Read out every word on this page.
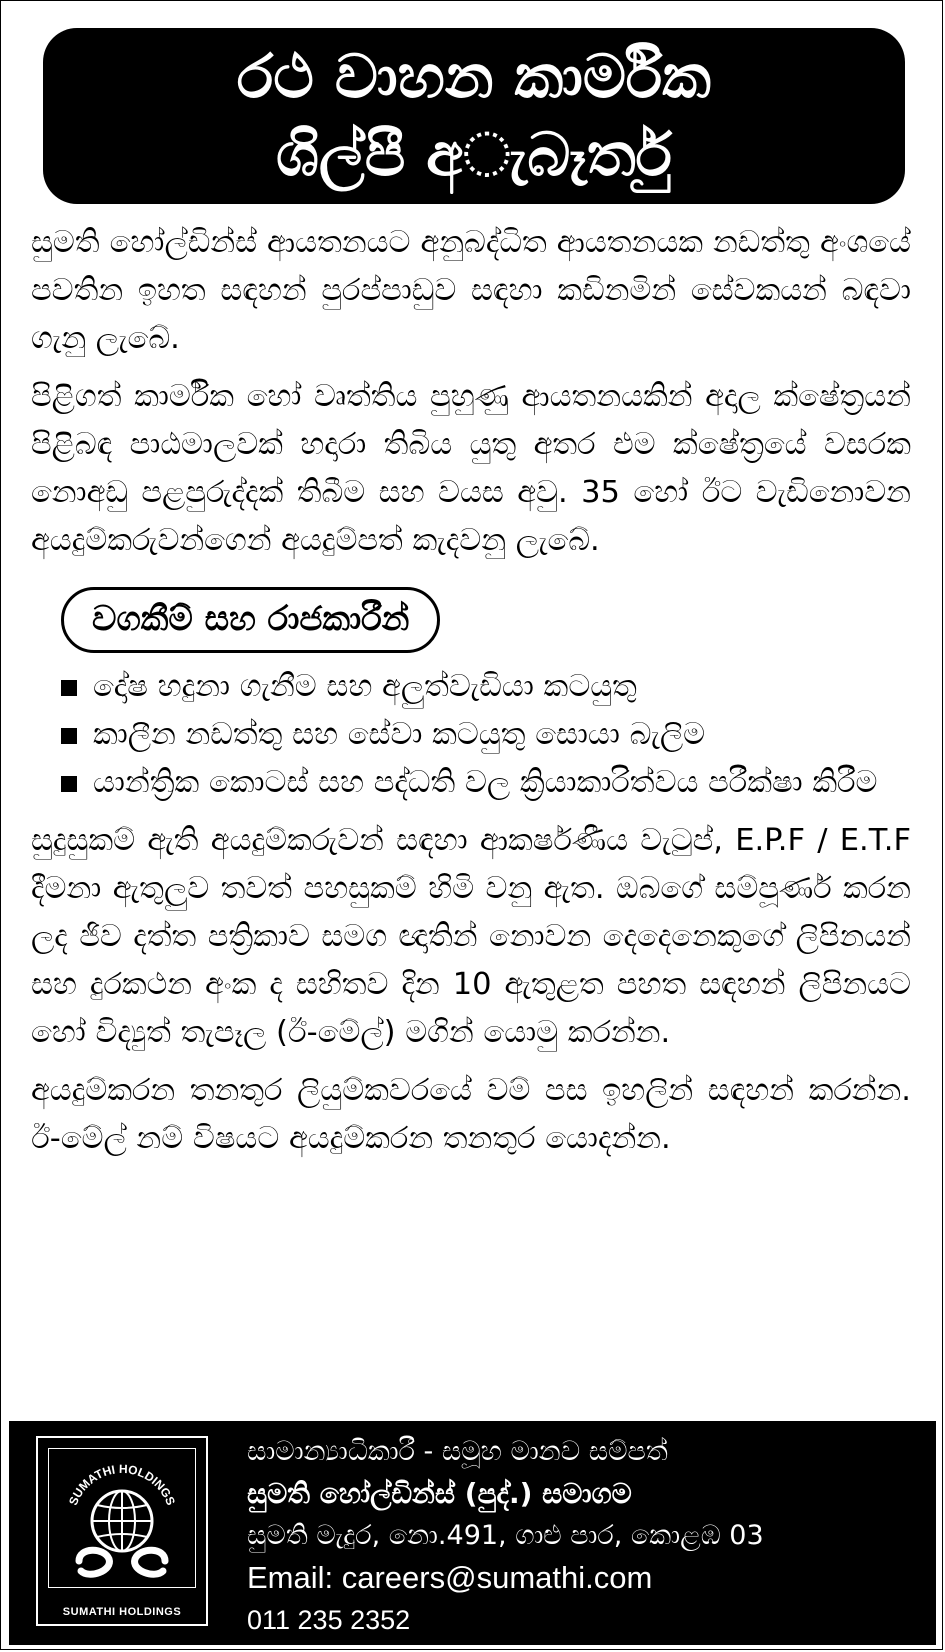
රථ වාහන කාර්මික
ශිල්පී අැබෑර්තු

සුමති හෝල්ඩින්ස් ආයතනයට අනුබද්ධිත ආයතනයක නඩත්තු අංශයේ පවතින ඉහත සඳහන් පුරප්පාඩුව සඳහා කඩිනමින් සේවකයන් බඳවා ගැනු ලැබේ.

පිළිගත් කාර්මික හෝ වෘත්තිය පුහුණු ආයතනයකින් අදාල ක්ෂේත්‍රයන් පිළිබඳ පාඨමාලවක් හදාරා තිබිය යුතු අතර එම ක්ෂේත්‍රයේ වසරක නොඅඩු පළපුරුද්දක් තිබීම සහ වයස අවු. 35 හෝ ඊට වැඩිනොවන අයදුම්කරුවන්ගෙන් අයදුම්පත් කැදවනු ලැබේ.

වගකීම් සහ රාජකාරීන්
දෝෂ හදුනා ගැනීම සහ අලුත්වැඩියා කටයුතු
කාලීන නඩත්තු සහ සේවා කටයුතු සොයා බැලිම
යාන්ත්‍රික කොටස් සහ පද්ධති වල ක්‍රියාකාරිත්වය පරීක්ෂා කිරීම

සුදුසුකම් ඇති අයදුම්කරුවන් සඳහා ආකර්ෂණීය වැටුප්, E.P.F / E.T.F දීමනා ඇතුලුව තවත් පහසුකම් හිමි වනු ඇත. ඔබගේ සම්පූර්ණ කරන ලද ජිව දත්ත පත්‍රිකාව සමග ඥාතින් නොවන දෙදෙනෙකුගේ ලිපිනයන් සහ දුරකථන අංක ද සහිතව දින 10 ඇතුළත පහත සඳහන් ලිපිනයට හෝ විද්‍යුත් තැපෑල (ඊ-මේල්) මගින් යොමු කරන්න.

අයදුම්කරන තනතුර ලියුම්කවරයේ වම් පස ඉහලින් සඳහන් කරන්න. ඊ-මේල් නම් විෂයට අයදුම්කරන තනතුර යොදන්න.

SUMATHI HOLDINGS
SUMATHI HOLDINGS
සාමාන්‍යාධිකාරී - සමූහ මානව සම්පත්
සුමති හෝල්ඩින්ස් (පුද්.) සමාගම
සුමති මැදුර, නො.491, ගාළු පාර, කොළඹ 03
Email: careers@sumathi.com
011 235 2352
